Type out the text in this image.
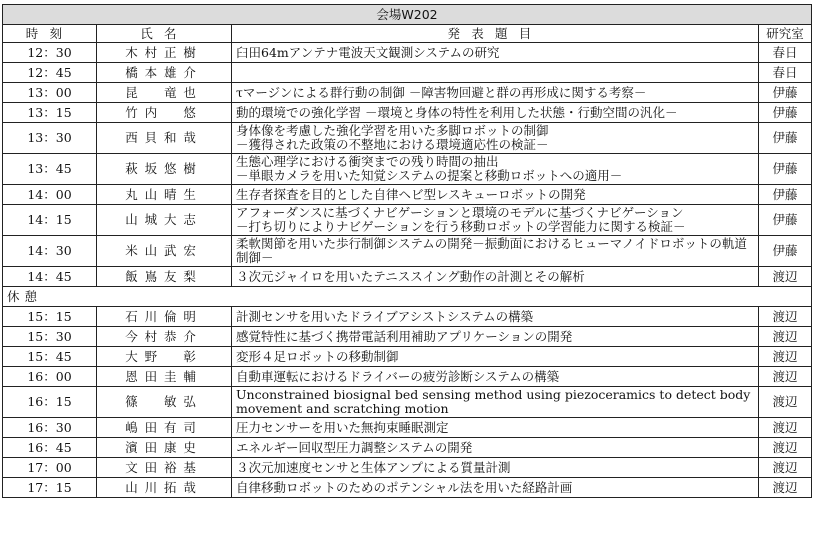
会場W202			
時刻	氏名	発表題目	研究室
12：30	木村正樹	臼田64mアンテナ電波天文観測システムの研究	春日
12：45	橋本雄介		春日
13：00	昆　竜也	τマージンによる群行動の制御 －障害物回避と群の再形成に関する考察－	伊藤
13：15	竹内　悠	動的環境での強化学習 －環境と身体の特性を利用した状態・行動空間の汎化－	伊藤
13：30	西貝和哉	身体像を考慮した強化学習を用いた多脚ロボットの制御
－獲得された政策の不整地における環境適応性の検証－	伊藤
13：45	萩坂悠樹	生態心理学における衝突までの残り時間の抽出
－単眼カメラを用いた知覚システムの提案と移動ロボットへの適用－	伊藤
14：00	丸山晴生	生存者探査を目的とした自律ヘビ型レスキューロボットの開発	伊藤
14：15	山城大志	アフォーダンスに基づくナビゲーションと環境のモデルに基づくナビゲーション
－打ち切りによりナビゲーションを行う移動ロボットの学習能力に関する検証－	伊藤
14：30	米山武宏	柔軟関節を用いた歩行制御システムの開発－振動面におけるヒューマノイドロボットの軌道制御－	伊藤
14：45	飯嶌友梨	３次元ジャイロを用いたテニススイング動作の計測とその解析	渡辺
休憩			
15：15	石川倫明	計測センサを用いたドライブアシストシステムの構築	渡辺
15：30	今村恭介	感覚特性に基づく携帯電話利用補助アプリケーションの開発	渡辺
15：45	大野　彰	変形４足ロボットの移動制御	渡辺
16：00	恩田圭輔	自動車運転におけるドライバーの疲労診断システムの構築	渡辺
16：15	篠　敏弘	Unconstrained biosignal bed sensing method using piezoceramics to detect body movement and scratching motion	渡辺
16：30	嶋田有司	圧力センサーを用いた無拘束睡眠測定	渡辺
16：45	濱田康史	エネルギー回収型圧力調整システムの開発	渡辺
17：00	文田裕基	３次元加速度センサと生体アンプによる質量計測	渡辺
17：15	山川拓哉	自律移動ロボットのためのポテンシャル法を用いた経路計画	渡辺
